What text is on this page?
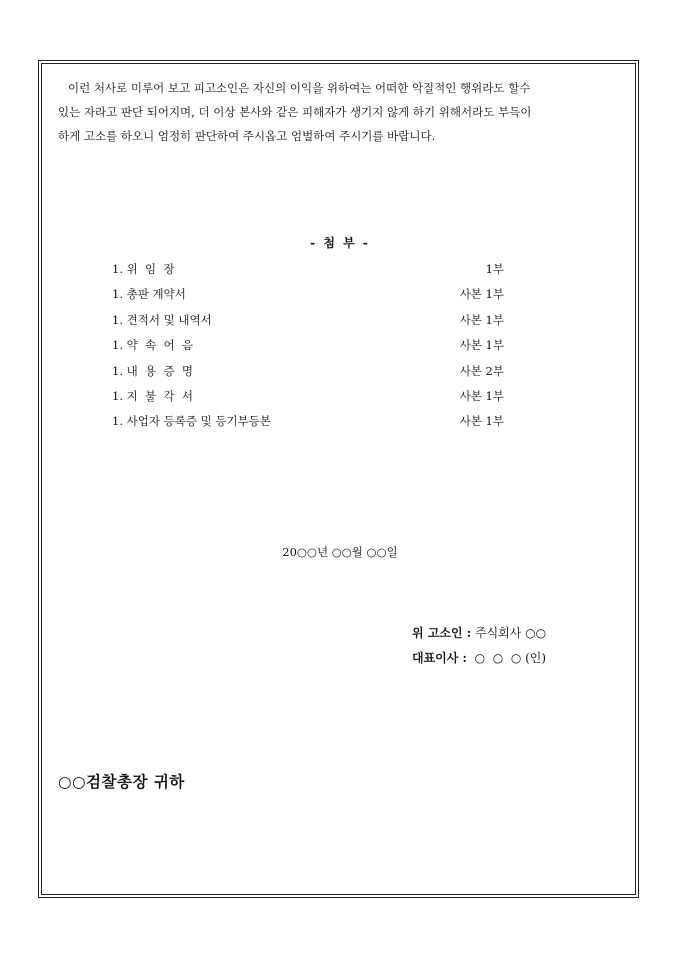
이런 처사로 미루어 보고 피고소인은 자신의 이익을 위하여는 어떠한 악질적인 행위라도 할수
있는 자라고 판단 되어지며, 더 이상 본사와 같은 피해자가 생기지 않게 하기 위해서라도 부득이
하게 고소를 하오니 엄정히 판단하여 주시옵고 엄벌하여 주시기를 바랍니다.
- 첨 부 -
1. 위  임  장	1부
1. 총판 계약서	사본 1부
1. 견적서 및 내역서	사본 1부
1. 약  속  어  음	사본 1부
1. 내  용  증  명	사본 2부
1. 지  불  각  서	사본 1부
1. 사업자 등록증 및 등기부등본	사본 1부
20○○년 ○○월 ○○일
위 고소인 : 주식회사 ○○
대표이사 :  ○  ○  ○ (인)
○○검찰총장 귀하
